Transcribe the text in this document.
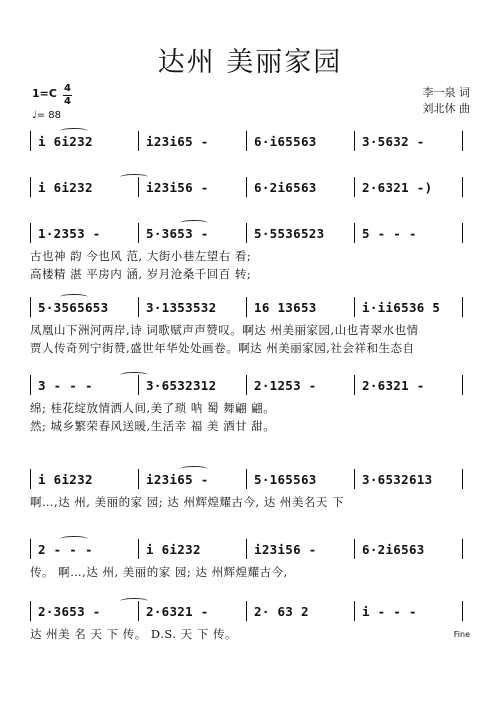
达州 美丽家园
1=C 4
4
♩= 88
李一泉 词
刘北休 曲
i 6i232	i23i65 -	6·i65563	3·5632 -
i 6i232	i23i56 -	6·2i6563	2·6321 -)
1·2353 -	5·3653 -	5·5536523	5 - - -
古也神 韵 今也风 范, 大街小巷左望右 看;
高楼精 湛 平房内 涵, 岁月沧桑千回百 转;
5·3565653	3·1353532	16 13653	i·ii6536 5
凤凰山下洲河两岸,诗 词歌赋声声赞叹。啊达 州美丽家园,山也青翠水也情
贾人传奇列宁街赞,盛世年华处处画卷。啊达 州美丽家园,社会祥和生态自
3 - - -	3·6532312	2·1253 -	2·6321 -
绵; 桂花绽放情洒人间,美了琐 呐 蜀 舞翩 翩。
然; 城乡繁荣春风送暖,生活幸 福 美 酒甘 甜。
i 6i232	i23i65 -	5·165563	3·6532613
啊…,达 州, 美丽的家 园; 达 州辉煌耀古今, 达 州美名天 下
2 - - -	i 6i232	i23i56 -	6·2i6563
传。 啊…,达 州, 美丽的家 园; 达 州辉煌耀古今,
2·3653 -	2·6321 -	2· 63 2	i - - -
达 州美 名 天 下 传。 D.S. 天 下 传。	Fine
